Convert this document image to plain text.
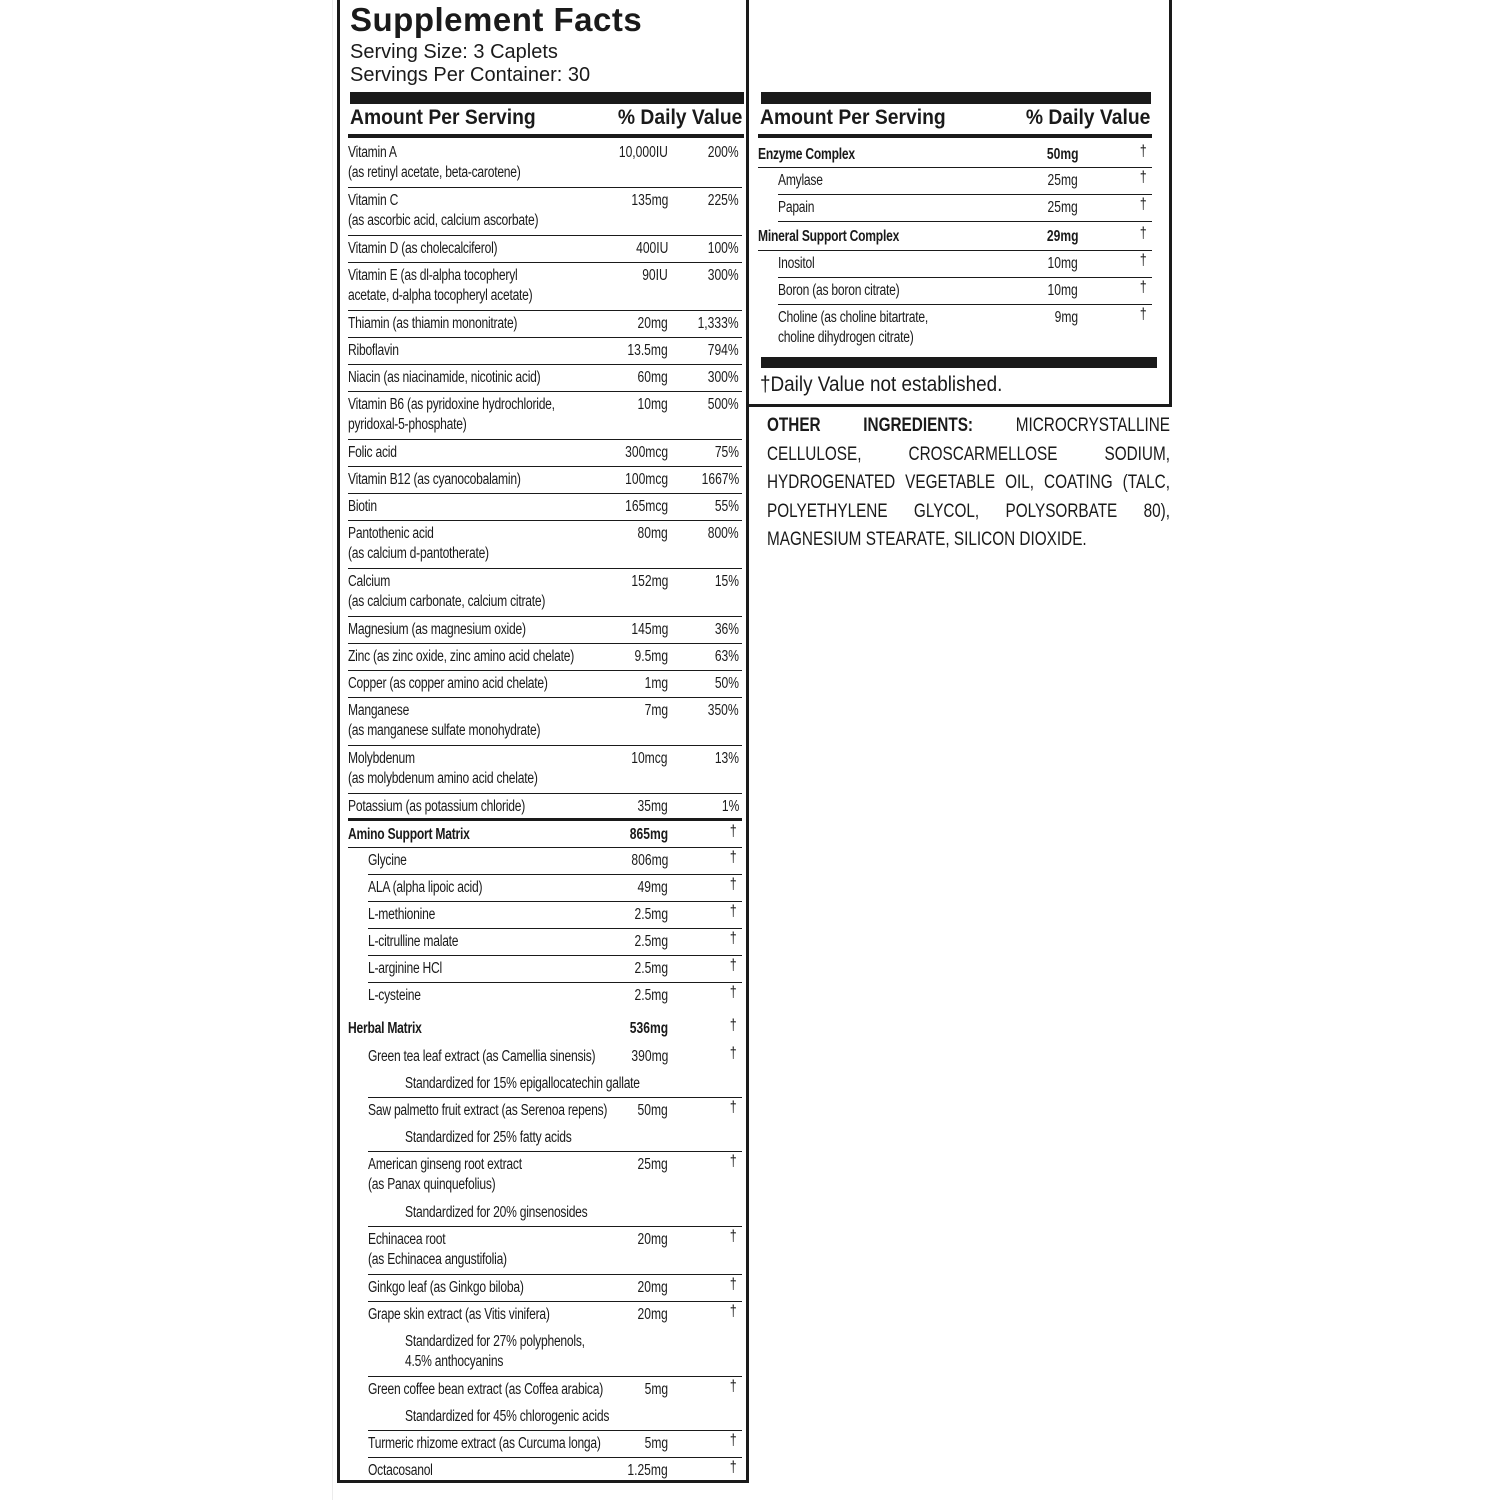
Supplement Facts
Serving Size: 3 Caplets
Servings Per Container: 30
Amount Per Serving	% Daily Value Amount Per Serving	% Daily Value
Vitamin A
(as retinyl acetate, beta-carotene)
10,000IU	200%
Vitamin C
(as ascorbic acid, calcium ascorbate)
135mg	225%
Vitamin D (as cholecalciferol)	400IU	100%
Vitamin E (as dl-alpha tocopheryl
acetate, d-alpha tocopheryl acetate)
90IU	300%
Thiamin (as thiamin mononitrate)	20mg 1,333%
Riboflavin	13.5mg	794%
Niacin (as niacinamide, nicotinic acid)	60mg	300%
Vitamin B6 (as pyridoxine hydrochloride,
pyridoxal-5-phosphate)
10mg	500%
Folic acid	300mcg	75%
Vitamin B12 (as cyanocobalamin)	100mcg 1667%
Biotin	165mcg	55%
Pantothenic acid
(as calcium d-pantotherate)
80mg	800%
Calcium
(as calcium carbonate, calcium citrate)
152mg	15%
Magnesium (as magnesium oxide)	145mg	36%
Zinc (as zinc oxide, zinc amino acid chelate)	9.5mg	63%
Copper (as copper amino acid chelate)	1mg	50%
Manganese
(as manganese sulfate monohydrate)
7mg	350%
Molybdenum
(as molybdenum amino acid chelate)
10mcg	13%
Potassium (as potassium chloride)	35mg	1%
Amino Support Matrix	865mg	†
Glycine	806mg	†
ALA (alpha lipoic acid)	49mg	†
L-methionine	2.5mg	†
L-citrulline malate	2.5mg	†
L-arginine HCl	2.5mg	†
L-cysteine	2.5mg	†
Herbal Matrix	536mg	†
Green tea leaf extract (as Camellia sinensis) 390mg	†
Standardized for 15% epigallocatechin gallate
Saw palmetto fruit extract (as Serenoa repens) 50mg	†
Standardized for 25% fatty acids
American ginseng root extract
(as Panax quinquefolius)
25mg	†
Standardized for 20% ginsenosides
Echinacea root
(as Echinacea angustifolia)
20mg	†
Ginkgo leaf (as Ginkgo biloba)	20mg	†
Grape skin extract (as Vitis vinifera)	20mg	†
Standardized for 27% polyphenols,
4.5% anthocyanins
Green coffee bean extract (as Coffea arabica)	5mg	†
Standardized for 45% chlorogenic acids
Turmeric rhizome extract (as Curcuma longa)	5mg	†
Octacosanol	1.25mg	†
Enzyme Complex	50mg	†
Amylase	25mg	†
Papain	25mg	†
Mineral Support Complex	29mg	†
Inositol	10mg	†
Boron (as boron citrate)	10mg	†
Choline (as choline bitartrate,
choline dihydrogen citrate)
9mg	†
†Daily Value not established.
OTHER INGREDIENTS: MICROCRYSTALLINE CELLULOSE, CROSCARMELLOSE SODIUM, HYDROGENATED VEGETABLE OIL, COATING (TALC, POLYETHYLENE GLYCOL, POLYSORBATE 80), MAGNESIUM STEARATE, SILICON DIOXIDE.
